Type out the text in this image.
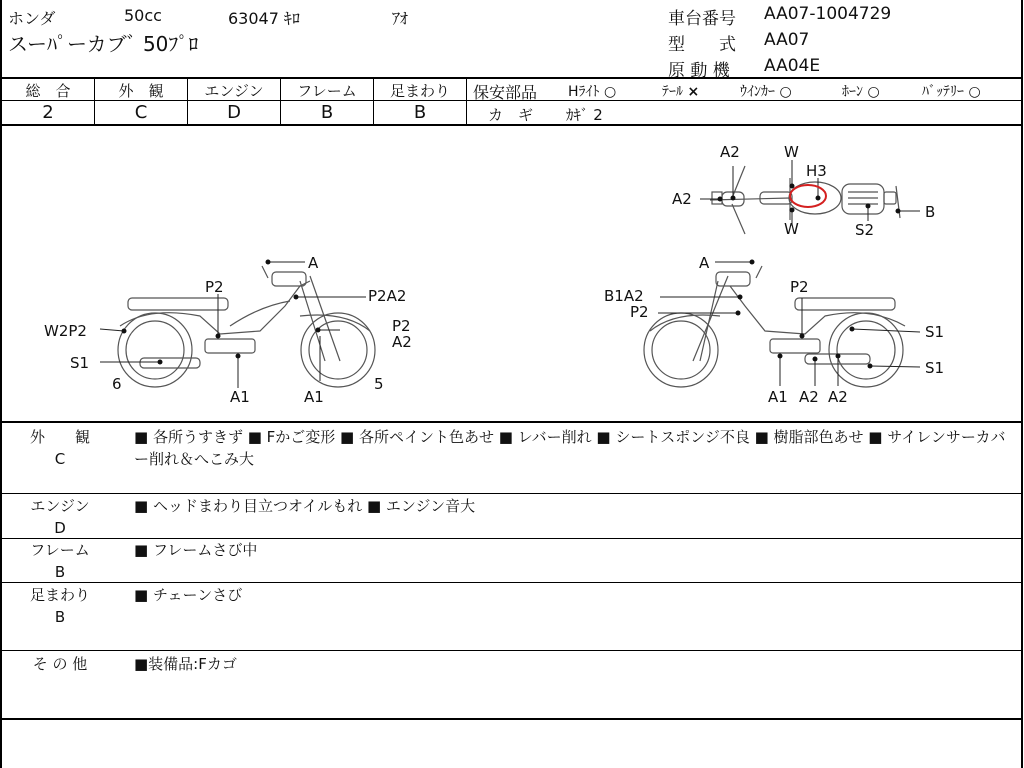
ホンダ	50cc	63047 ｷﾛ	ｱｵ
スーﾊﾟーカブﾞ 50ﾌﾟﾛ
車台番号 AA07-1004729
型　　式 AA07
原 動 機 AA04E
総　合	外　観	エンジン	フレーム	足まわり
2	C	D	B	B
保安部品 Hﾗｲﾄ ○	ﾃｰﾙ ×	ｳｲﾝｶｰ ○	ﾎｰﾝ ○	ﾊﾞｯﾃﾘｰ ○
カ　ギ ｶｷﾞ 2
A2	W
H3
A2
B
W	S2
A
P2	P2A2
W2P2	P2
A2
S1
6
A1	A1
5
A
B1A2
P2
P2
S1
S1
A1 A2 A2
外　　観
C
■ 各所うすきず ■ Fかご変形 ■ 各所ペイント色あせ ■ レバー削れ ■ シートスポンジ不良 ■ 樹脂部色あせ ■ サイレンサーカバー削れ＆へこみ大
エンジン
D
■ ヘッドまわり目立つオイルもれ ■ エンジン音大
フレーム
B
■ フレームさび中
足まわり
B
■ チェーンさび
そ の 他	■装備品:Fカゴ
